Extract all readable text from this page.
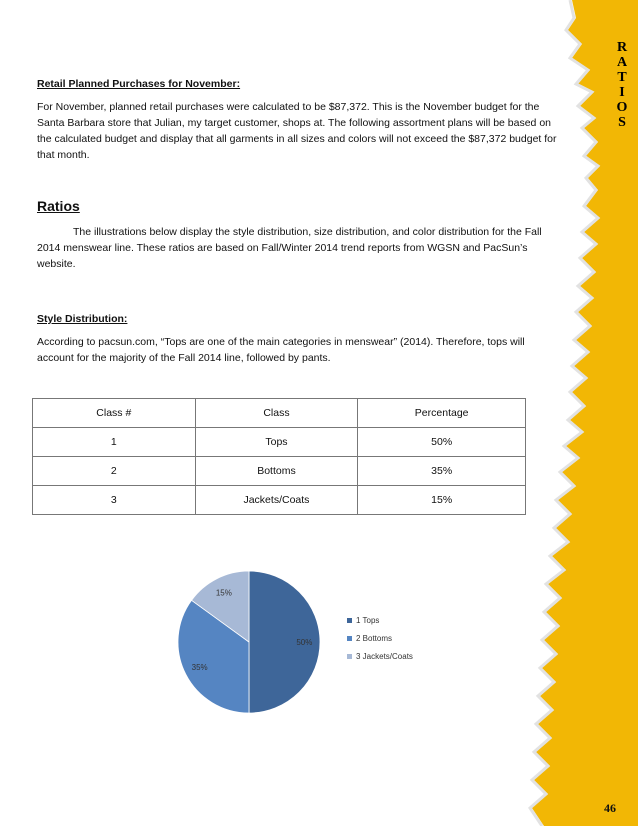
R
A
T
I
O
S
Retail Planned Purchases for November:
For November, planned retail purchases were calculated to be $87,372. This is the November budget for the Santa Barbara store that Julian, my target customer, shops at. The following assortment plans will be based on the calculated budget and display that all garments in all sizes and colors will not exceed the $87,372 budget for that month.
Ratios
The illustrations below display the style distribution, size distribution, and color distribution for the Fall 2014 menswear line. These ratios are based on Fall/Winter 2014 trend reports from WGSN and PacSun’s website.
Style Distribution:
According to pacsun.com, “Tops are one of the main categories in menswear” (2014). Therefore, tops will account for the majority of the Fall 2014 line, followed by pants.
Class #	Class	Percentage
1	Tops	50%
2	Bottoms	35%
3	Jackets/Coats	15%
50%
35%
15%
1 Tops
2 Bottoms
3 Jackets/Coats
46
